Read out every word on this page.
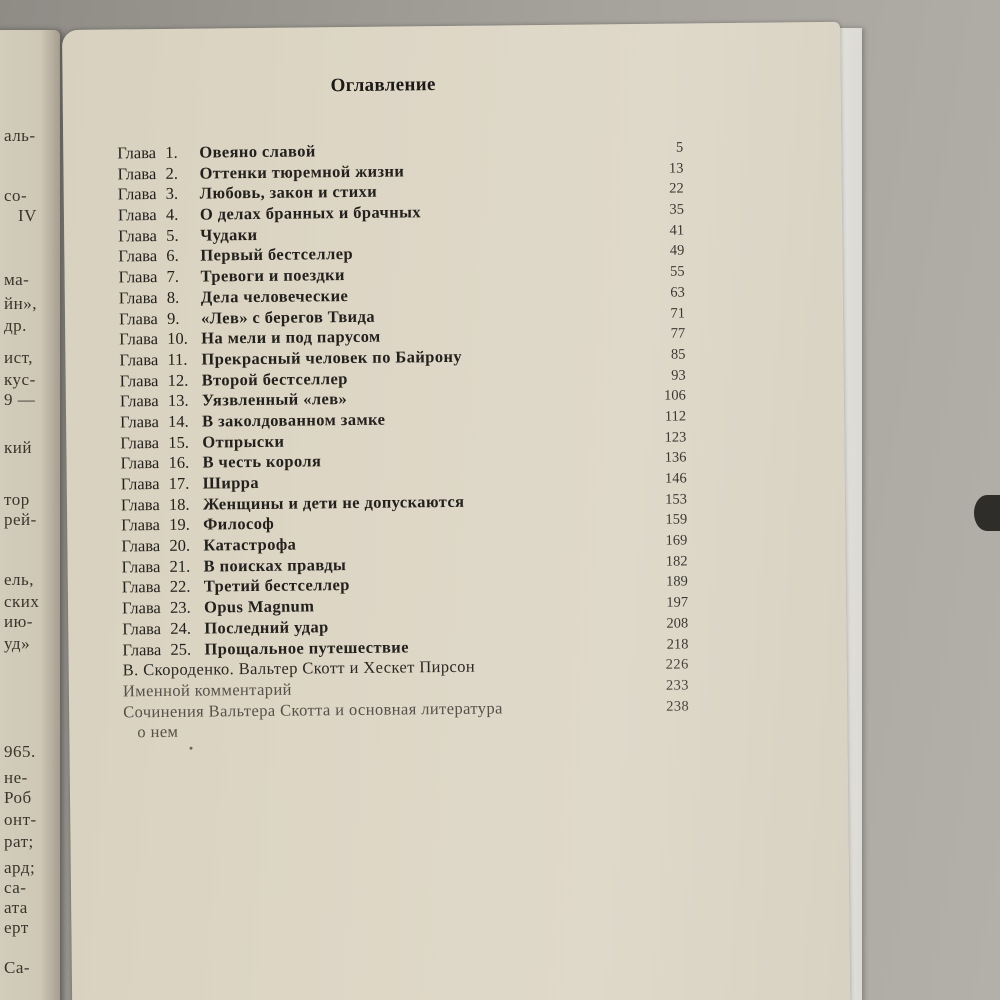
аль-
со-
IV
ма-
йн»,
др.
ист,
кус-
9 —
кий
тор
рей-
ель,
ских
ию-
уд»
965.
не-
Роб
онт-
рат;
ард;
са-
ата
ерт
Са-
Оглавление
Глава 1. Овеяно славой	5
Глава 2. Оттенки тюремной жизни	13
Глава 3. Любовь, закон и стихи	22
Глава 4. О делах бранных и брачных	35
Глава 5. Чудаки	41
Глава 6. Первый бестселлер	49
Глава 7. Тревоги и поездки	55
Глава 8. Дела человеческие	63
Глава 9. «Лев» с берегов Твида	71
Глава 10. На мели и под парусом	77
Глава 11. Прекрасный человек по Байрону	85
Глава 12. Второй бестселлер	93
Глава 13. Уязвленный «лев»	106
Глава 14. В заколдованном замке	112
Глава 15. Отпрыски	123
Глава 16. В честь короля	136
Глава 17. Ширра	146
Глава 18. Женщины и дети не допускаются	153
Глава 19. Философ	159
Глава 20. Катастрофа	169
Глава 21. В поисках правды	182
Глава 22. Третий бестселлер	189
Глава 23. Opus Magnum	197
Глава 24. Последний удар	208
Глава 25. Прощальное путешествие	218
В. Скороденко. Вальтер Скотт и Хескет Пирсон	226
Именной комментарий	233
Сочинения Вальтера Скотта и основная литература	238
о нем
